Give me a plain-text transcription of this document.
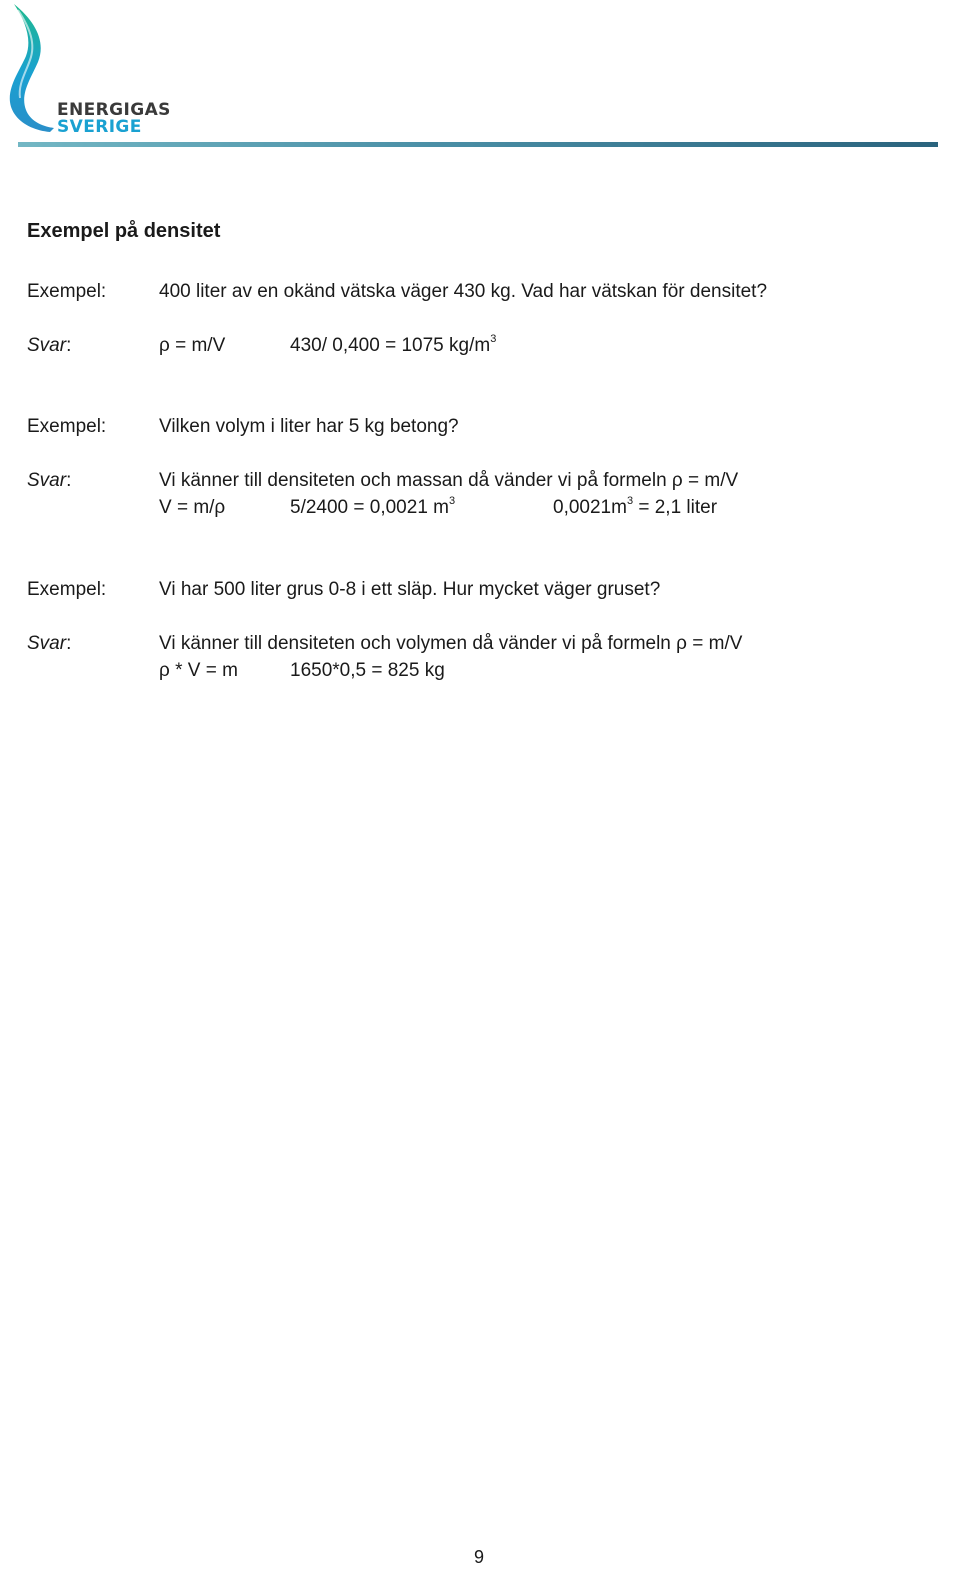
ENERGIGAS
SVERIGE
Exempel på densitet
Exempel:	400 liter av en okänd vätska väger 430 kg. Vad har vätskan för densitet?
Svar:	ρ = m/V	430/ 0,400 = 1075 $kg/m^3$
Exempel:	Vilken volym i liter har 5 kg betong?
Svar:	Vi känner till densiteten och massan då vänder vi på formeln ρ = m/V
V = m/ρ	5/2400 = 0,0021 $m^3$	$0,0021m^3 = 2,1$ liter
Exempel:	Vi har 500 liter grus 0-8 i ett släp. Hur mycket väger gruset?
Svar:	Vi känner till densiteten och volymen då vänder vi på formeln ρ = m/V
ρ * V = m	1650*0,5 = 825 kg
9
